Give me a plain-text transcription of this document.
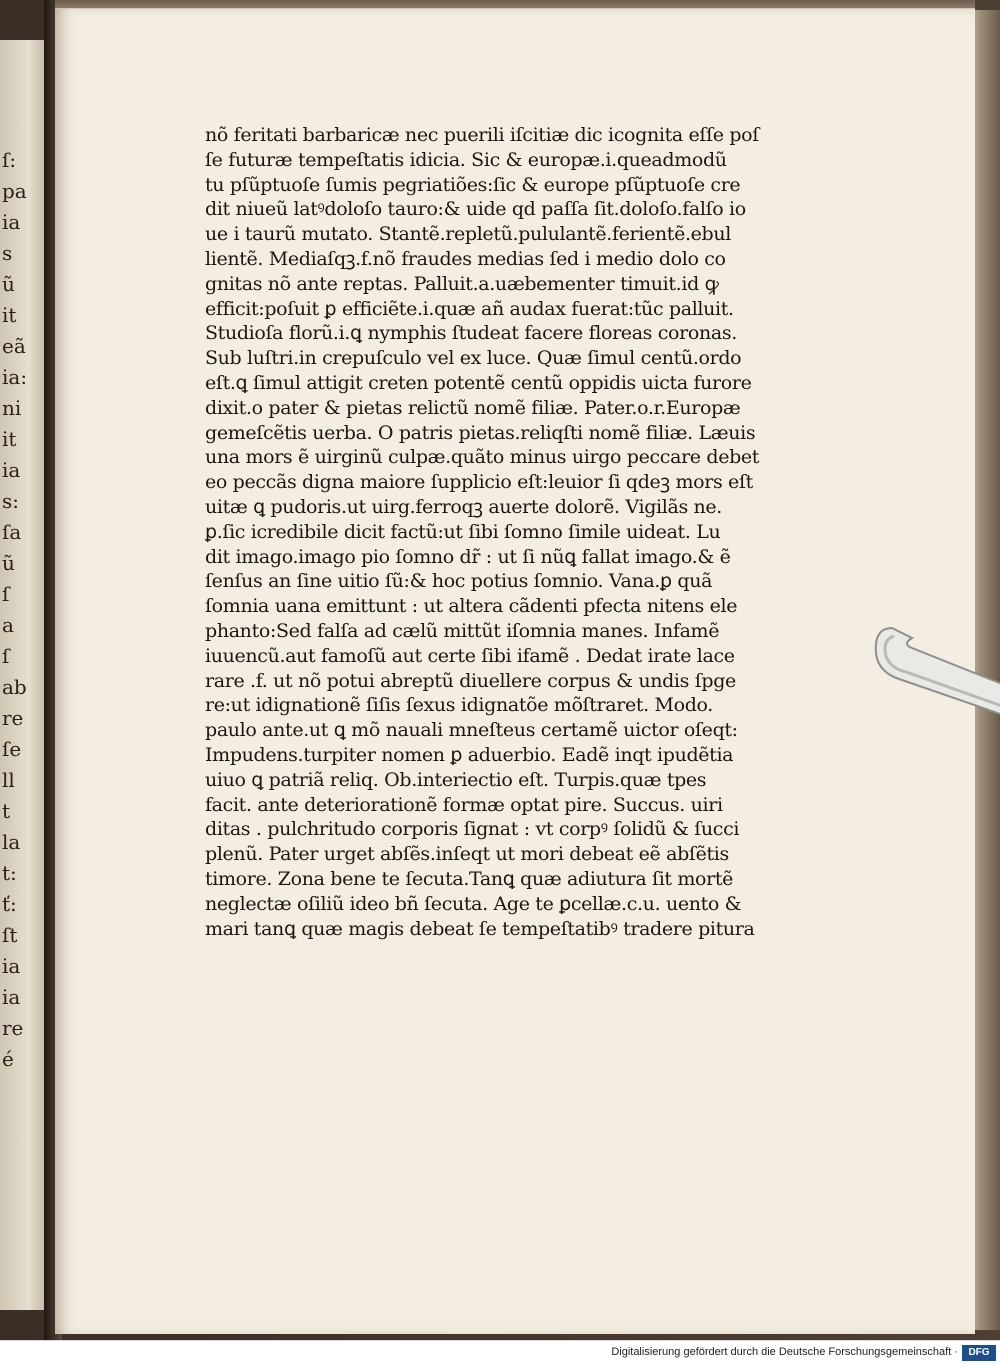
ſ:
pa
ia
s
ũ
it
eã
ia:
ni
it
ia
s:
ſa
ũ
ſ
a
ſ
ab
re
ſe
ll
t
la
t:
ť:
ſt
ia
ia
re
é
nõ feritati barbaricæ nec puerili iſcitiæ dic icognita eſſe poſ
ſe futuræ tempeſtatis idicia. Sic & europæ.i.queadmodũ
tu pſũptuoſe ſumis pegriatiões:ſic & europe pſũptuoſe cre
dit niueũ latꝰdoloſo tauro:& uide qd paſſa ſit.doloſo.falſo io
ue i taurũ mutato. Stantẽ.repletũ.pululantẽ.ferientẽ.ebul
lientẽ. Mediaſqꝫ.f.nõ fraudes medias ſed i medio dolo co
gnitas nõ ante reptas. Palluit.a.uæbementer timuit.id ꝙ
efficit:poſuit ꝑ efficiẽte.i.quæ añ audax fuerat:tũc palluit.
Studioſa florũ.i.ꝗ nymphis ſtudeat facere floreas coronas.
Sub luſtri.in crepuſculo vel ex luce. Quæ ſimul centũ.ordo
eſt.ꝗ ſimul attigit creten potentẽ centũ oppidis uicta furore
dixit.o pater & pietas relictũ nomẽ filiæ. Pater.o.r.Europæ
gemeſcẽtis uerba. O patris pietas.reliqſti nomẽ filiæ. Læuis
una mors ẽ uirginũ culpæ.quãto minus uirgo peccare debet
eo peccãs digna maiore ſupplicio eſt:leuior ſi qdeꝫ mors eſt
uitæ ꝗ pudoris.ut uirg.ferroqꝫ auerte dolorẽ. Vigilãs ne.
ꝑ.ſic icredibile dicit factũ:ut ſibi ſomno ſimile uideat. Lu
dit imago.imago pio ſomno dr̃ : ut ſi nũꝗ fallat imago.& ẽ
ſenſus an ſine uitio ſũ:& hoc potius ſomnio. Vana.ꝑ quã
ſomnia uana emittunt : ut altera cãdenti pfecta nitens ele
phanto:Sed falſa ad cælũ mittũt iſomnia manes. Infamẽ
iuuencũ.aut famoſũ aut certe ſibi ifamẽ . Dedat irate lace
rare .f. ut nõ potui abreptũ diuellere corpus & undis ſpge
re:ut idignationẽ ſiſis ſexus idignatõe mõſtraret. Modo.
paulo ante.ut ꝗ mõ nauali mneſteus certamẽ uictor oſeqt:
Impudens.turpiter nomen ꝑ aduerbio. Eadẽ inqt ipudẽtia
uiuo ꝗ patriã reliq. Ob.interiectio eſt. Turpis.quæ tpes
facit. ante deteriorationẽ formæ optat pire. Succus. uiri
ditas . pulchritudo corporis ſignat : vt corpꝰ ſolidũ & ſucci
plenũ. Pater urget abſẽs.inſeqt ut mori debeat eẽ abſẽtis
timore. Zona bene te ſecuta.Tanꝗ quæ adiutura ſit mortẽ
neglectæ oſiliũ ideo bñ ſecuta. Age te ꝑcellæ.c.u. uento &
mari tanꝗ quæ magis debeat ſe tempeſtatibꝰ tradere pitura
Digitalisierung gefördert durch die Deutsche Forschungsgemeinschaft ·	DFG
